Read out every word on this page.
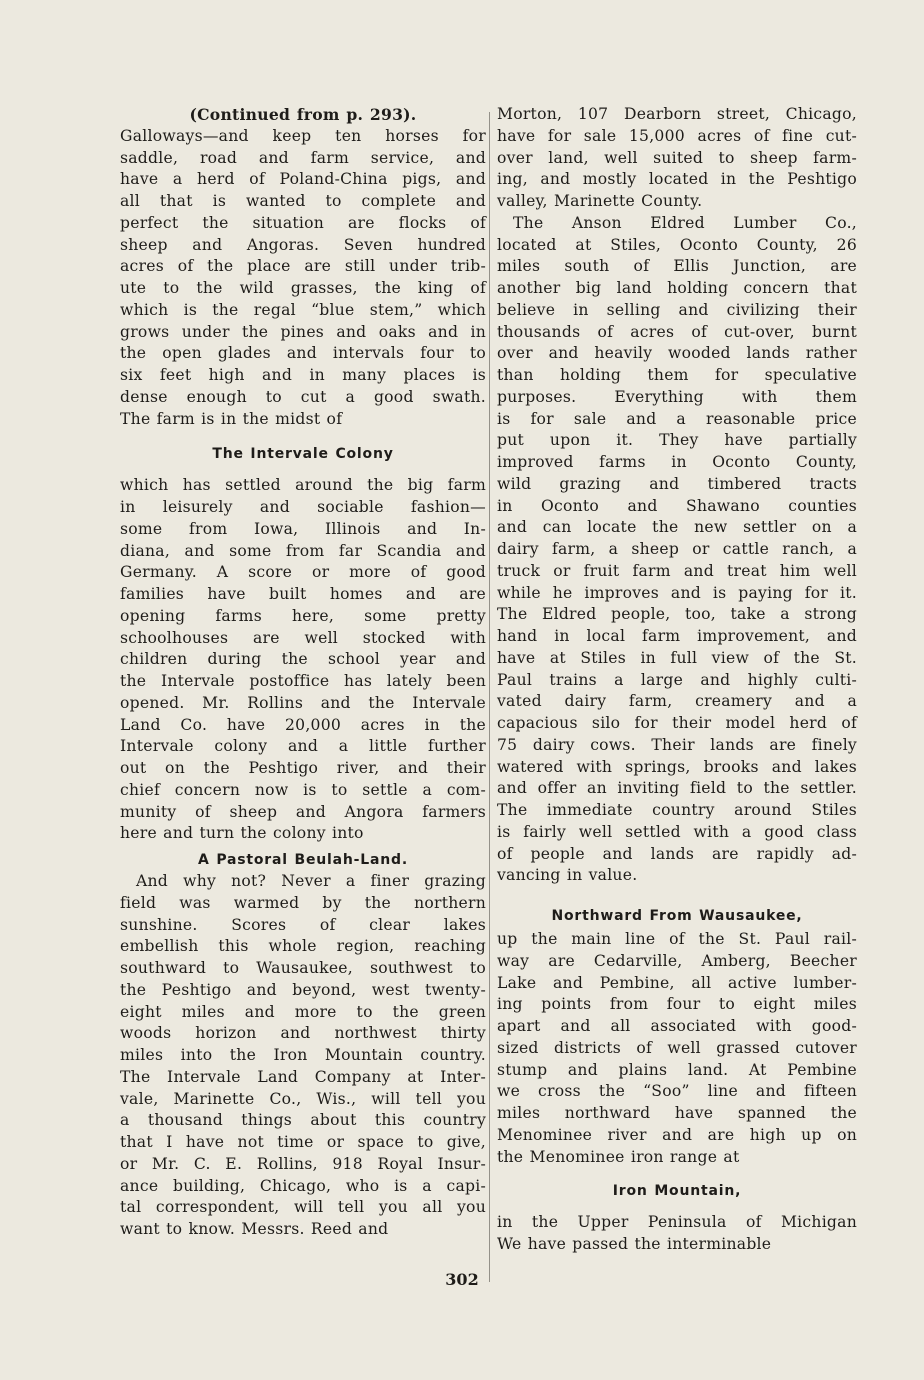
(Continued from p. 293).
Galloways—and keep ten horses for
saddle, road and farm service, and
have a herd of Poland-China pigs, and
all that is wanted to complete and
perfect the situation are flocks of
sheep and Angoras. Seven hundred
acres of the place are still under trib-
ute to the wild grasses, the king of
which is the regal “blue stem,” which
grows under the pines and oaks and in
the open glades and intervals four to
six feet high and in many places is
dense enough to cut a good swath.
The farm is in the midst of
The Intervale Colony
which has settled around the big farm
in leisurely and sociable fashion—
some from Iowa, Illinois and In-
diana, and some from far Scandia and
Germany. A score or more of good
families have built homes and are
opening farms here, some pretty
schoolhouses are well stocked with
children during the school year and
the Intervale postoffice has lately been
opened. Mr. Rollins and the Intervale
Land Co. have 20,000 acres in the
Intervale colony and a little further
out on the Peshtigo river, and their
chief concern now is to settle a com-
munity of sheep and Angora farmers
here and turn the colony into
A Pastoral Beulah-Land.
And why not? Never a finer grazing
field was warmed by the northern
sunshine. Scores of clear lakes
embellish this whole region, reaching
southward to Wausaukee, southwest to
the Peshtigo and beyond, west twenty-
eight miles and more to the green
woods horizon and northwest thirty
miles into the Iron Mountain country.
The Intervale Land Company at Inter-
vale, Marinette Co., Wis., will tell you
a thousand things about this country
that I have not time or space to give,
or Mr. C. E. Rollins, 918 Royal Insur-
ance building, Chicago, who is a capi-
tal correspondent, will tell you all you
want to know. Messrs. Reed and
Morton, 107 Dearborn street, Chicago,
have for sale 15,000 acres of fine cut-
over land, well suited to sheep farm-
ing, and mostly located in the Peshtigo
valley, Marinette County.
The Anson Eldred Lumber Co.,
located at Stiles, Oconto County, 26
miles south of Ellis Junction, are
another big land holding concern that
believe in selling and civilizing their
thousands of acres of cut-over, burnt
over and heavily wooded lands rather
than holding them for speculative
purposes. Everything with them
is for sale and a reasonable price
put upon it. They have partially
improved farms in Oconto County,
wild grazing and timbered tracts
in Oconto and Shawano counties
and can locate the new settler on a
dairy farm, a sheep or cattle ranch, a
truck or fruit farm and treat him well
while he improves and is paying for it.
The Eldred people, too, take a strong
hand in local farm improvement, and
have at Stiles in full view of the St.
Paul trains a large and highly culti-
vated dairy farm, creamery and a
capacious silo for their model herd of
75 dairy cows. Their lands are finely
watered with springs, brooks and lakes
and offer an inviting field to the settler.
The immediate country around Stiles
is fairly well settled with a good class
of people and lands are rapidly ad-
vancing in value.
Northward From Wausaukee,
up the main line of the St. Paul rail-
way are Cedarville, Amberg, Beecher
Lake and Pembine, all active lumber-
ing points from four to eight miles
apart and all associated with good-
sized districts of well grassed cutover
stump and plains land. At Pembine
we cross the “Soo” line and fifteen
miles northward have spanned the
Menominee river and are high up on
the Menominee iron range at
Iron Mountain,
in the Upper Peninsula of Michigan
We have passed the interminable
302
